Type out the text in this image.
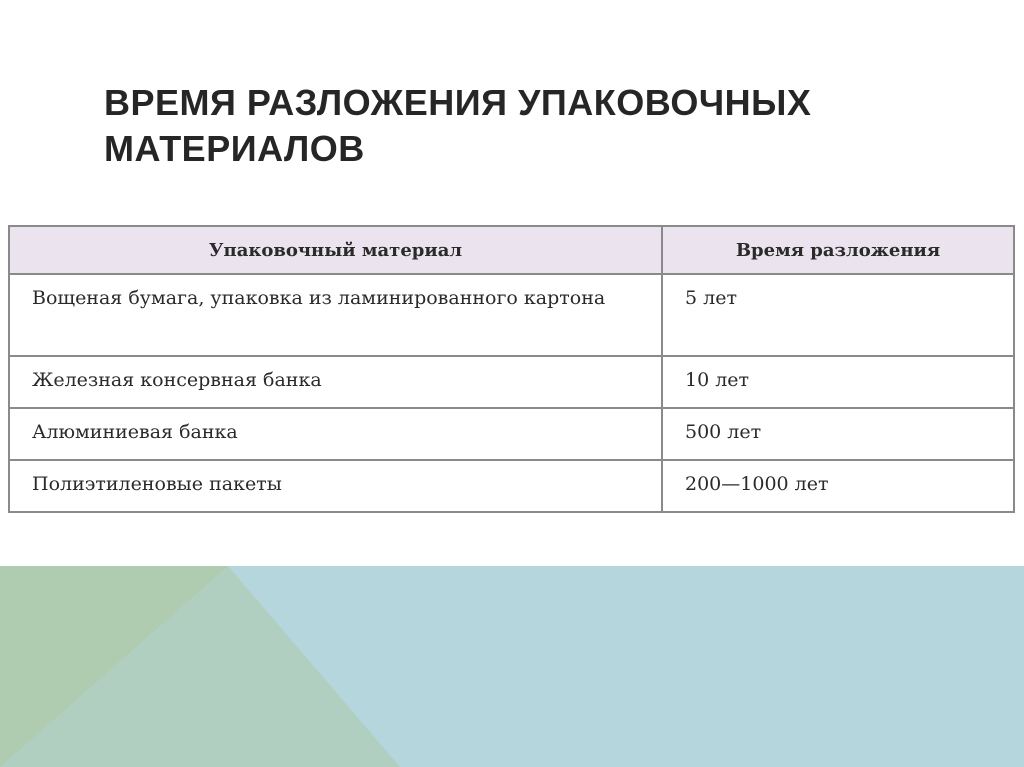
ВРЕМЯ РАЗЛОЖЕНИЯ УПАКОВОЧНЫХ
МАТЕРИАЛОВ
Упаковочный материал	Время разложения
Вощеная бумага, упаковка из ламинированного картона	5 лет
Железная консервная банка	10 лет
Алюминиевая банка	500 лет
Полиэтиленовые пакеты	200—1000 лет
